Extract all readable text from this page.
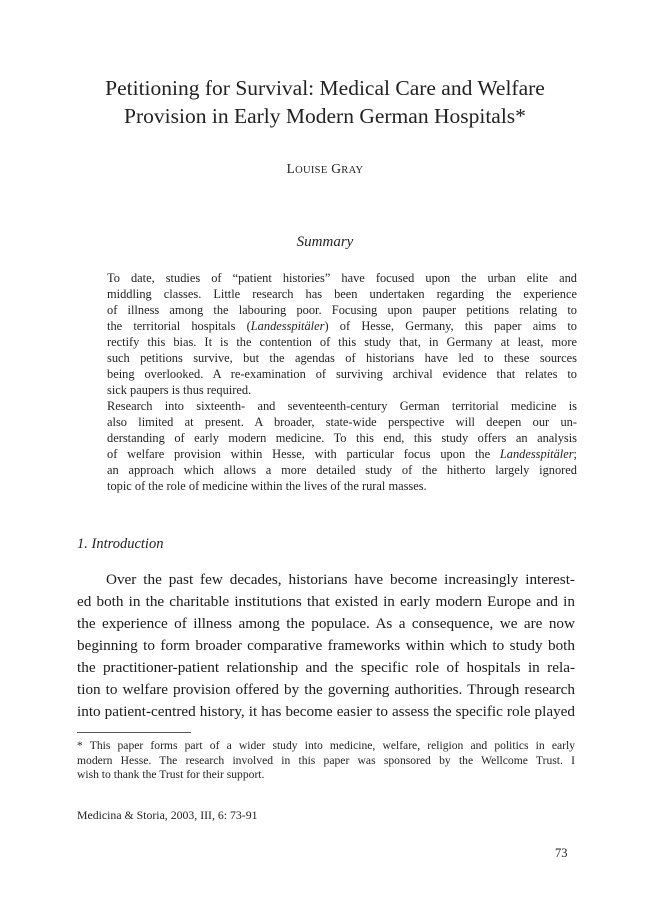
Petitioning for Survival: Medical Care and Welfare
Provision in Early Modern German Hospitals*
LOUISE GRAY
Summary
To date, studies of “patient histories” have focused upon the urban elite and
middling classes. Little research has been undertaken regarding the experience
of illness among the labouring poor. Focusing upon pauper petitions relating to
the territorial hospitals (Landesspitäler) of Hesse, Germany, this paper aims to
rectify this bias. It is the contention of this study that, in Germany at least, more
such petitions survive, but the agendas of historians have led to these sources
being overlooked. A re-examination of surviving archival evidence that relates to
sick paupers is thus required.
Research into sixteenth- and seventeenth-century German territorial medicine is
also limited at present. A broader, state-wide perspective will deepen our un-
derstanding of early modern medicine. To this end, this study offers an analysis
of welfare provision within Hesse, with particular focus upon the Landesspitäler;
an approach which allows a more detailed study of the hitherto largely ignored
topic of the role of medicine within the lives of the rural masses.
1. Introduction
Over the past few decades, historians have become increasingly interest-
ed both in the charitable institutions that existed in early modern Europe and in
the experience of illness among the populace. As a consequence, we are now
beginning to form broader comparative frameworks within which to study both
the practitioner-patient relationship and the specific role of hospitals in rela-
tion to welfare provision offered by the governing authorities. Through research
into patient-centred history, it has become easier to assess the specific role played
* This paper forms part of a wider study into medicine, welfare, religion and politics in early
modern Hesse. The research involved in this paper was sponsored by the Wellcome Trust. I
wish to thank the Trust for their support.
Medicina & Storia, 2003, III, 6: 73-91
73
